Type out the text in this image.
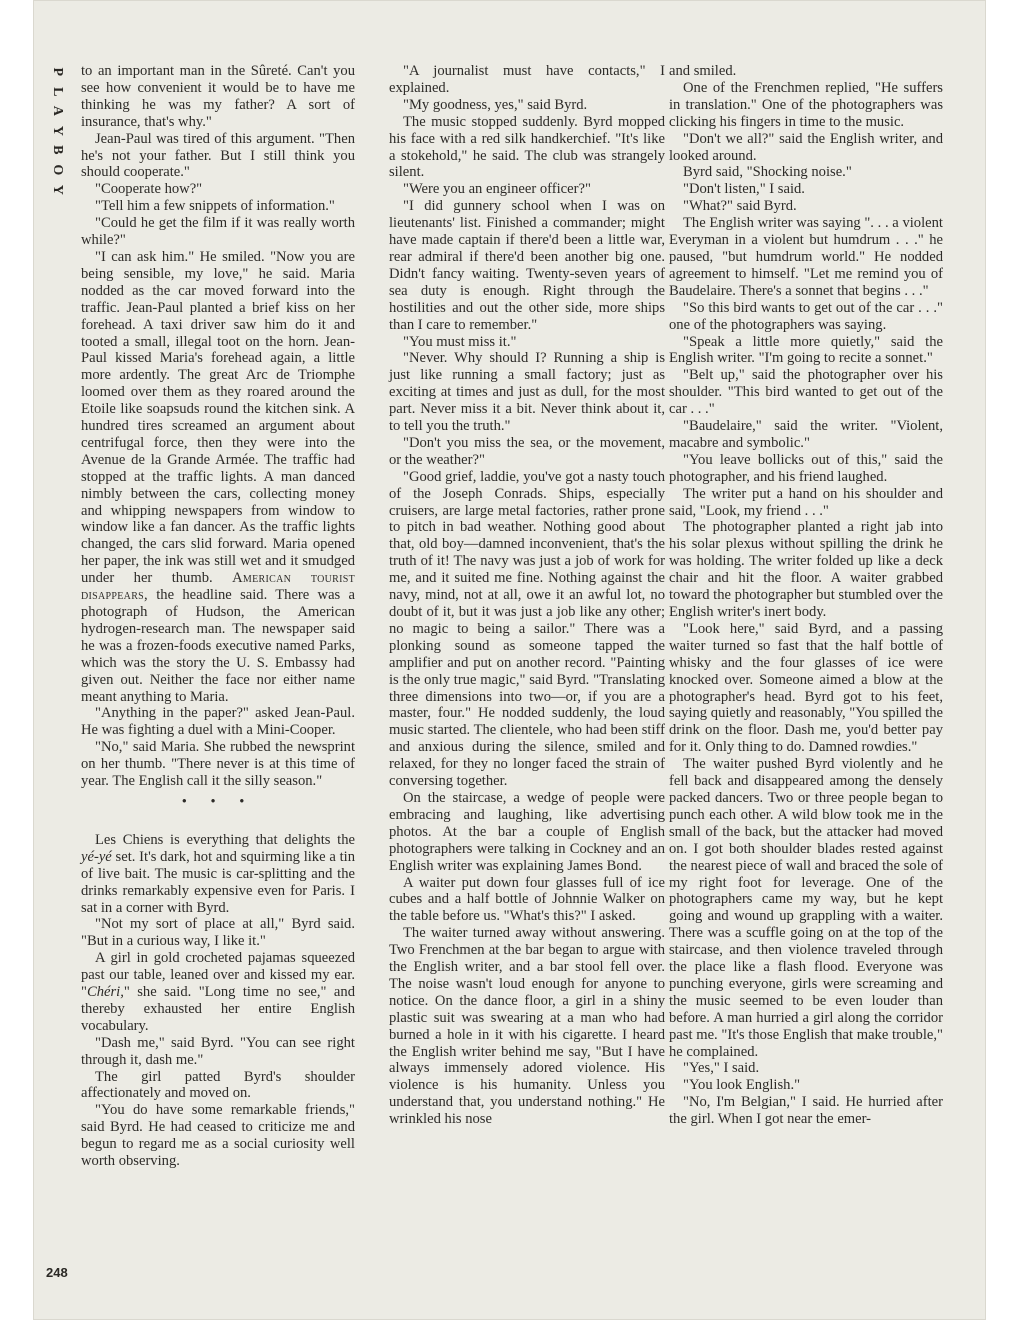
P
L
A
Y
B
O
Y
248

to an important man in the Sûreté. Can't you see how convenient it would be to have me thinking he was my father? A sort of insurance, that's why."

Jean-Paul was tired of this argument. "Then he's not your father. But I still think you should cooperate."

"Cooperate how?"

"Tell him a few snippets of information."

"Could he get the film if it was really worth while?"

"I can ask him." He smiled. "Now you are being sensible, my love," he said. Maria nodded as the car moved forward into the traffic. Jean-Paul planted a brief kiss on her forehead. A taxi driver saw him do it and tooted a small, illegal toot on the horn. Jean-Paul kissed Maria's forehead again, a little more ardently. The great Arc de Triomphe loomed over them as they roared around the Etoile like soapsuds round the kitchen sink. A hundred tires screamed an argument about centrifugal force, then they were into the Avenue de la Grande Armée. The traffic had stopped at the traffic lights. A man danced nimbly between the cars, collecting money and whipping newspapers from window to window like a fan dancer. As the traffic lights changed, the cars slid forward. Maria opened her paper, the ink was still wet and it smudged under her thumb. American tourist disappears, the headline said. There was a photograph of Hudson, the American hydrogen-research man. The newspaper said he was a frozen-foods executive named Parks, which was the story the U. S. Embassy had given out. Neither the face nor either name meant anything to Maria.

"Anything in the paper?" asked Jean-Paul. He was fighting a duel with a Mini-Cooper.

"No," said Maria. She rubbed the newsprint on her thumb. "There never is at this time of year. The English call it the silly season."

• • •

Les Chiens is everything that delights the yé-yé set. It's dark, hot and squirming like a tin of live bait. The music is car-splitting and the drinks remarkably expensive even for Paris. I sat in a corner with Byrd.

"Not my sort of place at all," Byrd said. "But in a curious way, I like it."

A girl in gold crocheted pajamas squeezed past our table, leaned over and kissed my ear. "Chéri," she said. "Long time no see," and thereby exhausted her entire English vocabulary.

"Dash me," said Byrd. "You can see right through it, dash me."

The girl patted Byrd's shoulder affectionately and moved on.

"You do have some remarkable friends," said Byrd. He had ceased to criticize me and begun to regard me as a social curiosity well worth observing.

"A journalist must have contacts," I explained.

"My goodness, yes," said Byrd.

The music stopped suddenly. Byrd mopped his face with a red silk handkerchief. "It's like a stokehold," he said. The club was strangely silent.

"Were you an engineer officer?"

"I did gunnery school when I was on lieutenants' list. Finished a commander; might have made captain if there'd been a little war, rear admiral if there'd been another big one. Didn't fancy waiting. Twenty-seven years of sea duty is enough. Right through the hostilities and out the other side, more ships than I care to remember."

"You must miss it."

"Never. Why should I? Running a ship is just like running a small factory; just as exciting at times and just as dull, for the most part. Never miss it a bit. Never think about it, to tell you the truth."

"Don't you miss the sea, or the movement, or the weather?"

"Good grief, laddie, you've got a nasty touch of the Joseph Conrads. Ships, especially cruisers, are large metal factories, rather prone to pitch in bad weather. Nothing good about that, old boy—damned inconvenient, that's the truth of it! The navy was just a job of work for me, and it suited me fine. Nothing against the navy, mind, not at all, owe it an awful lot, no doubt of it, but it was just a job like any other; no magic to being a sailor." There was a plonking sound as someone tapped the amplifier and put on another record. "Painting is the only true magic," said Byrd. "Translating three dimensions into two—or, if you are a master, four." He nodded suddenly, the loud music started. The clientele, who had been stiff and anxious during the silence, smiled and relaxed, for they no longer faced the strain of conversing together.

On the staircase, a wedge of people were embracing and laughing, like advertising photos. At the bar a couple of English photographers were talking in Cockney and an English writer was explaining James Bond.

A waiter put down four glasses full of ice cubes and a half bottle of Johnnie Walker on the table before us. "What's this?" I asked.

The waiter turned away without answering. Two Frenchmen at the bar began to argue with the English writer, and a bar stool fell over. The noise wasn't loud enough for anyone to notice. On the dance floor, a girl in a shiny plastic suit was swearing at a man who had burned a hole in it with his cigarette. I heard the English writer behind me say, "But I have always immensely adored violence. His violence is his humanity. Unless you understand that, you understand nothing." He wrinkled his nose

and smiled.

One of the Frenchmen replied, "He suffers in translation." One of the photographers was clicking his fingers in time to the music.

"Don't we all?" said the English writer, and looked around.

Byrd said, "Shocking noise."

"Don't listen," I said.

"What?" said Byrd.

The English writer was saying ". . . a violent Everyman in a violent but humdrum . . ." he paused, "but humdrum world." He nodded agreement to himself. "Let me remind you of Baudelaire. There's a sonnet that begins . . ."

"So this bird wants to get out of the car . . ." one of the photographers was saying.

"Speak a little more quietly," said the English writer. "I'm going to recite a sonnet."

"Belt up," said the photographer over his shoulder. "This bird wanted to get out of the car . . ."

"Baudelaire," said the writer. "Violent, macabre and symbolic."

"You leave bollicks out of this," said the photographer, and his friend laughed.

The writer put a hand on his shoulder and said, "Look, my friend . . ."

The photographer planted a right jab into his solar plexus without spilling the drink he was holding. The writer folded up like a deck chair and hit the floor. A waiter grabbed toward the photographer but stumbled over the English writer's inert body.

"Look here," said Byrd, and a passing waiter turned so fast that the half bottle of whisky and the four glasses of ice were knocked over. Someone aimed a blow at the photographer's head. Byrd got to his feet, saying quietly and reasonably, "You spilled the drink on the floor. Dash me, you'd better pay for it. Only thing to do. Damned rowdies."

The waiter pushed Byrd violently and he fell back and disappeared among the densely packed dancers. Two or three people began to punch each other. A wild blow took me in the small of the back, but the attacker had moved on. I got both shoulder blades rested against the nearest piece of wall and braced the sole of my right foot for leverage. One of the photographers came my way, but he kept going and wound up grappling with a waiter. There was a scuffle going on at the top of the staircase, and then violence traveled through the place like a flash flood. Everyone was punching everyone, girls were screaming and the music seemed to be even louder than before. A man hurried a girl along the corridor past me. "It's those English that make trouble," he complained.

"Yes," I said.

"You look English."

"No, I'm Belgian," I said. He hurried after the girl. When I got near the emer-
